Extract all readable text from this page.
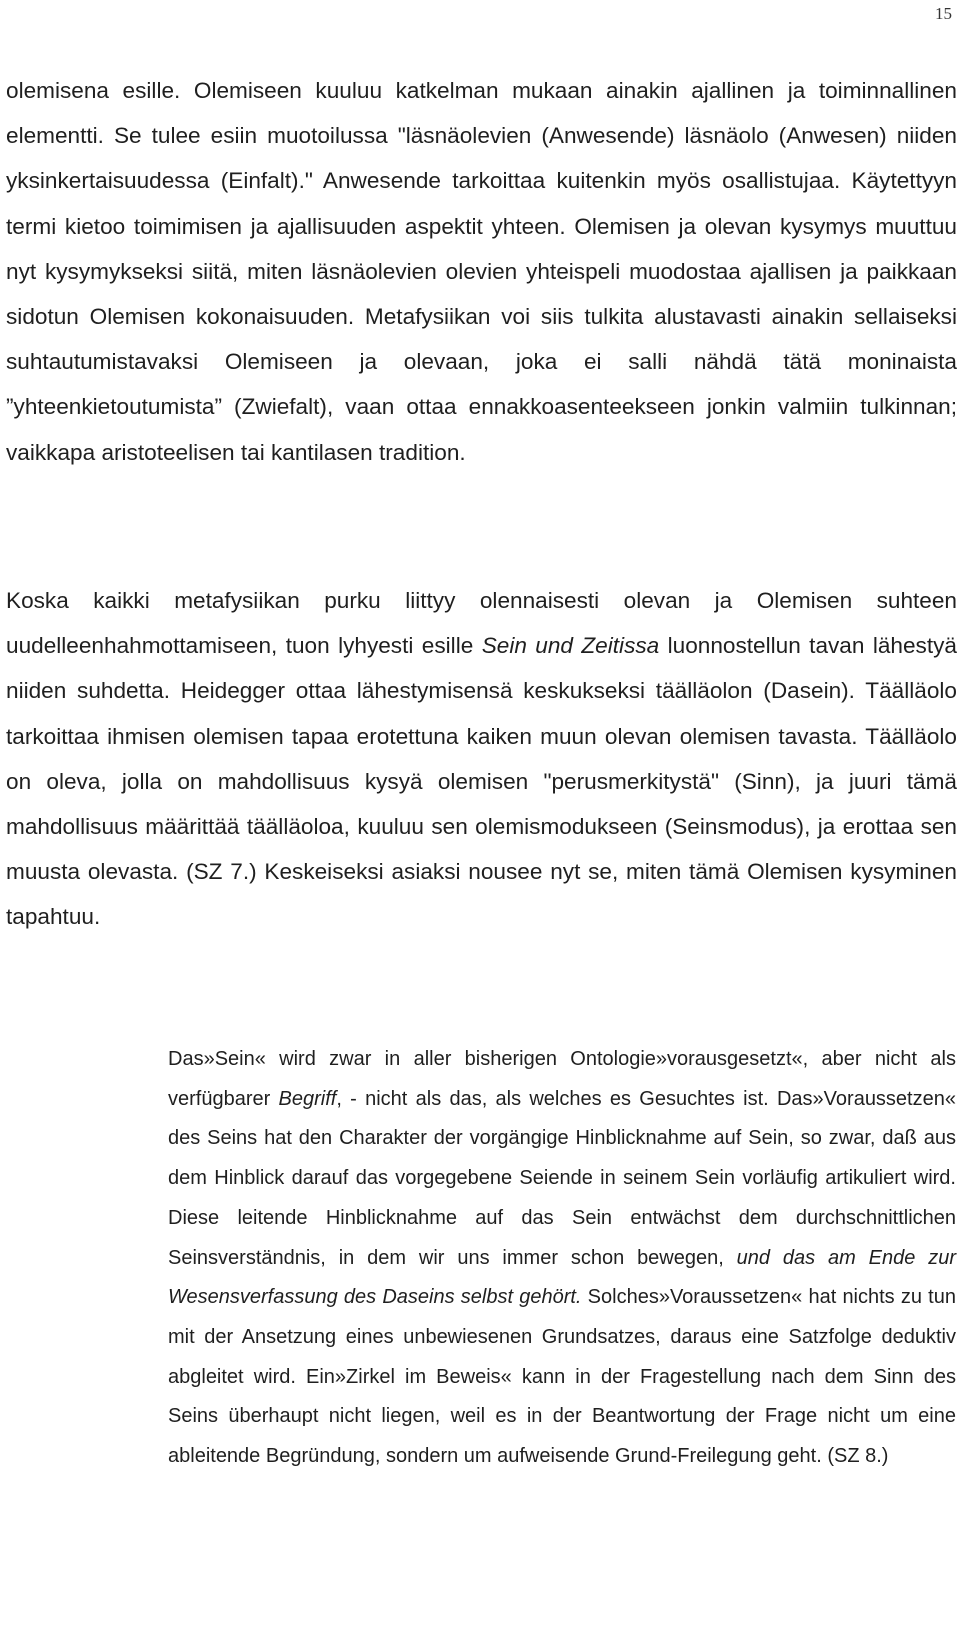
15

olemisena esille. Olemiseen kuuluu katkelman mukaan ainakin ajallinen ja toiminnallinen elementti. Se tulee esiin muotoilussa "läsnäolevien (Anwesende) läsnäolo (Anwesen) niiden yksinkertaisuudessa (Einfalt)." Anwesende tarkoittaa kuitenkin myös osallistujaa. Käytettyyn termi kietoo toimimisen ja ajallisuuden aspektit yhteen. Olemisen ja olevan kysymys muuttuu nyt kysymykseksi siitä, miten läsnäolevien olevien yhteispeli muodostaa ajallisen ja paikkaan sidotun Olemisen kokonaisuuden. Metafysiikan voi siis tulkita alustavasti ainakin sellaiseksi suhtautumistavaksi Olemiseen ja olevaan, joka ei salli nähdä tätä moninaista ”yhteenkietoutumista” (Zwiefalt), vaan ottaa ennakkoasenteekseen jonkin valmiin tulkinnan; vaikkapa aristoteelisen tai kantilasen tradition.

Koska kaikki metafysiikan purku liittyy olennaisesti olevan ja Olemisen suhteen uudelleenhahmottamiseen, tuon lyhyesti esille Sein und Zeitissa luonnostellun tavan lähestyä niiden suhdetta. Heidegger ottaa lähestymisensä keskukseksi täälläolon (Dasein). Täälläolo tarkoittaa ihmisen olemisen tapaa erotettuna kaiken muun olevan olemisen tavasta. Täälläolo on oleva, jolla on mahdollisuus kysyä olemisen "perusmerkitystä" (Sinn), ja juuri tämä mahdollisuus määrittää täälläoloa, kuuluu sen olemismodukseen (Seinsmodus), ja erottaa sen muusta olevasta. (SZ 7.) Keskeiseksi asiaksi nousee nyt se, miten tämä Olemisen kysyminen tapahtuu.

Das»Sein« wird zwar in aller bisherigen Ontologie»vorausgesetzt«, aber nicht als verfügbarer Begriff, - nicht als das, als welches es Gesuchtes ist. Das»Voraussetzen« des Seins hat den Charakter der vorgängige Hinblicknahme auf Sein, so zwar, daß aus dem Hinblick darauf das vorgegebene Seiende in seinem Sein vorläufig artikuliert wird. Diese leitende Hinblicknahme auf das Sein entwächst dem durchschnittlichen Seinsverständnis, in dem wir uns immer schon bewegen, und das am Ende zur Wesensverfassung des Daseins selbst gehört. Solches»Voraussetzen« hat nichts zu tun mit der Ansetzung eines unbewiesenen Grundsatzes, daraus eine Satzfolge deduktiv abgleitet wird. Ein»Zirkel im Beweis« kann in der Fragestellung nach dem Sinn des Seins überhaupt nicht liegen, weil es in der Beantwortung der Frage nicht um eine ableitende Begründung, sondern um aufweisende Grund-Freilegung geht. (SZ 8.)
